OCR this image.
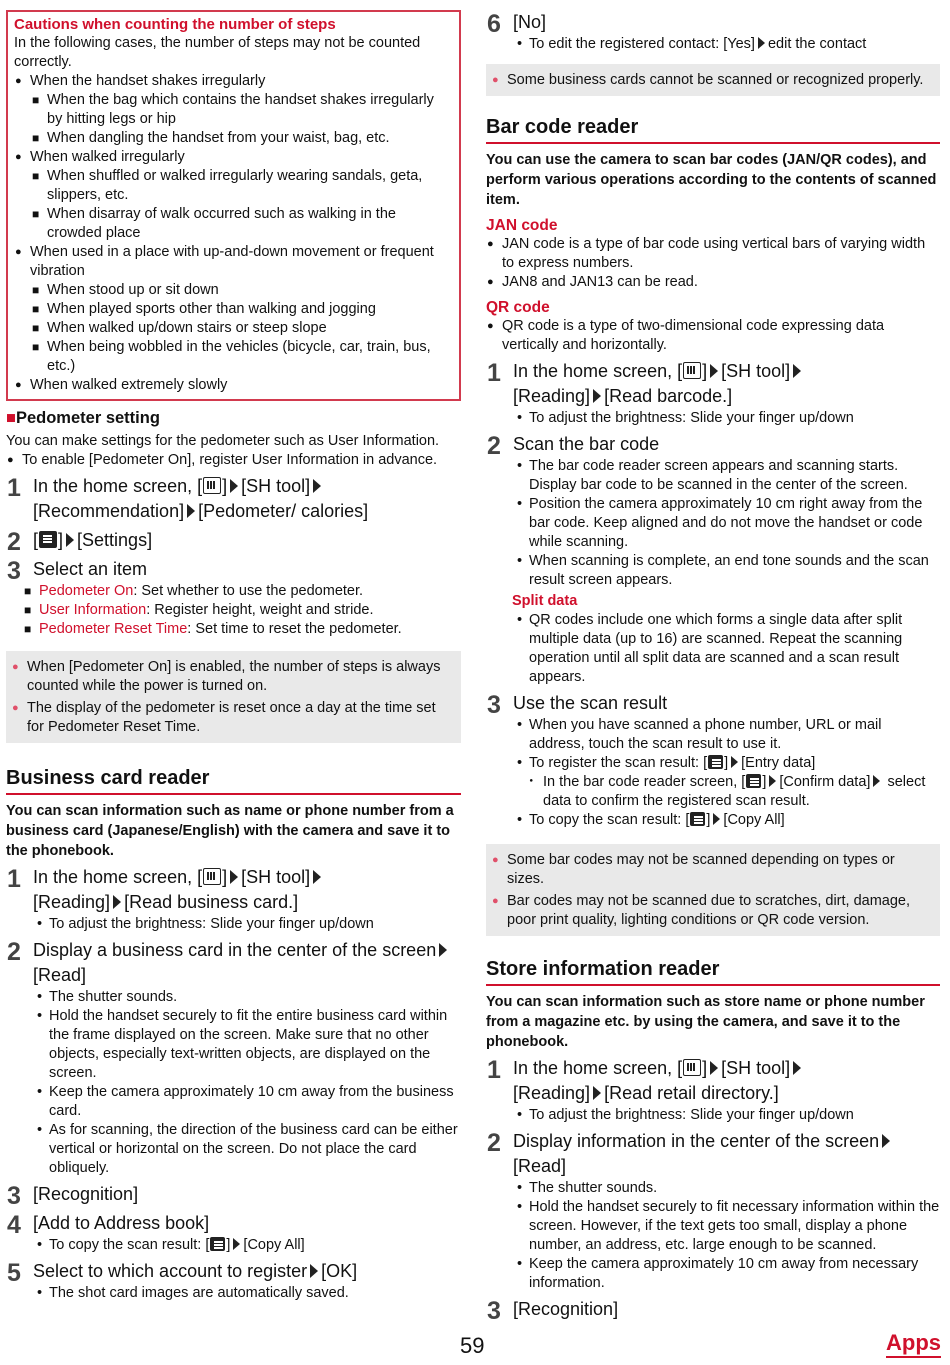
Cautions when counting the number of steps
In the following cases, the number of steps may not be counted correctly.
● When the handset shakes irregularly
■ When the bag which contains the handset shakes irregularly by hitting legs or hip
■ When dangling the handset from your waist, bag, etc.
● When walked irregularly
■ When shuffled or walked irregularly wearing sandals, geta, slippers, etc.
■ When disarray of walk occurred such as walking in the crowded place
● When used in a place with up-and-down movement or frequent vibration
■ When stood up or sit down
■ When played sports other than walking and jogging
■ When walked up/down stairs or steep slope
■ When being wobbled in the vehicles (bicycle, car, train, bus, etc.)
● When walked extremely slowly
■Pedometer setting
You can make settings for the pedometer such as User Information.
● To enable [Pedometer On], register User Information in advance.
1 In the home screen, [ ] [SH tool]
[Recommendation] [Pedometer/ calories]
2 [ ] [Settings]
3 Select an item
■ Pedometer On: Set whether to use the pedometer.
■ User Information: Register height, weight and stride.
■ Pedometer Reset Time: Set time to reset the pedometer.
● When [Pedometer On] is enabled, the number of steps is always counted while the power is turned on.
● The display of the pedometer is reset once a day at the time set for Pedometer Reset Time.
Business card reader
You can scan information such as name or phone number from a business card (Japanese/English) with the camera and save it to the phonebook.
1 In the home screen, [ ] [SH tool]
[Reading] [Read business card.]
• To adjust the brightness: Slide your finger up/down
2 Display a business card in the center of the screen[Read]
• The shutter sounds.
• Hold the handset securely to fit the entire business card within the frame displayed on the screen. Make sure that no other objects, especially text-written objects, are displayed on the screen.
• Keep the camera approximately 10 cm away from the business card.
• As for scanning, the direction of the business card can be either vertical or horizontal on the screen. Do not place the card obliquely.
3 [Recognition]
4 [Add to Address book]
• To copy the scan result: [ ] [Copy All]
5 Select to which account to register [OK]
• The shot card images are automatically saved.
6 [No]
• To edit the registered contact: [Yes] edit the contact
● Some business cards cannot be scanned or recognized properly.
Bar code reader
You can use the camera to scan bar codes (JAN/QR codes), and perform various operations according to the contents of scanned item.
JAN code
● JAN code is a type of bar code using vertical bars of varying width to express numbers.
● JAN8 and JAN13 can be read.
QR code
● QR code is a type of two-dimensional code expressing data vertically and horizontally.
1 In the home screen, [ ] [SH tool]
[Reading] [Read barcode.]
• To adjust the brightness: Slide your finger up/down
2 Scan the bar code
• The bar code reader screen appears and scanning starts. Display bar code to be scanned in the center of the screen.
• Position the camera approximately 10 cm right away from the bar code. Keep aligned and do not move the handset or code while scanning.
• When scanning is complete, an end tone sounds and the scan result screen appears.
Split data
• QR codes include one which forms a single data after split multiple data (up to 16) are scanned. Repeat the scanning operation until all split data are scanned and a scan result appears.
3 Use the scan result
• When you have scanned a phone number, URL or mail address, touch the scan result to use it.
• To register the scan result: [ ] [Entry data]
・ In the bar code reader screen, [ ] [Confirm data] select data to confirm the registered scan result.
• To copy the scan result: [ ] [Copy All]
● Some bar codes may not be scanned depending on types or sizes.
● Bar codes may not be scanned due to scratches, dirt, damage, poor print quality, lighting conditions or QR code version.
Store information reader
You can scan information such as store name or phone number from a magazine etc. by using the camera, and save it to the phonebook.
1 In the home screen, [ ] [SH tool]
[Reading] [Read retail directory.]
• To adjust the brightness: Slide your finger up/down
2 Display information in the center of the screen[Read]
• The shutter sounds.
• Hold the handset securely to fit necessary information within the screen. However, if the text gets too small, display a phone number, an address, etc. large enough to be scanned.
• Keep the camera approximately 10 cm away from necessary information.
3 [Recognition]
59	Apps
